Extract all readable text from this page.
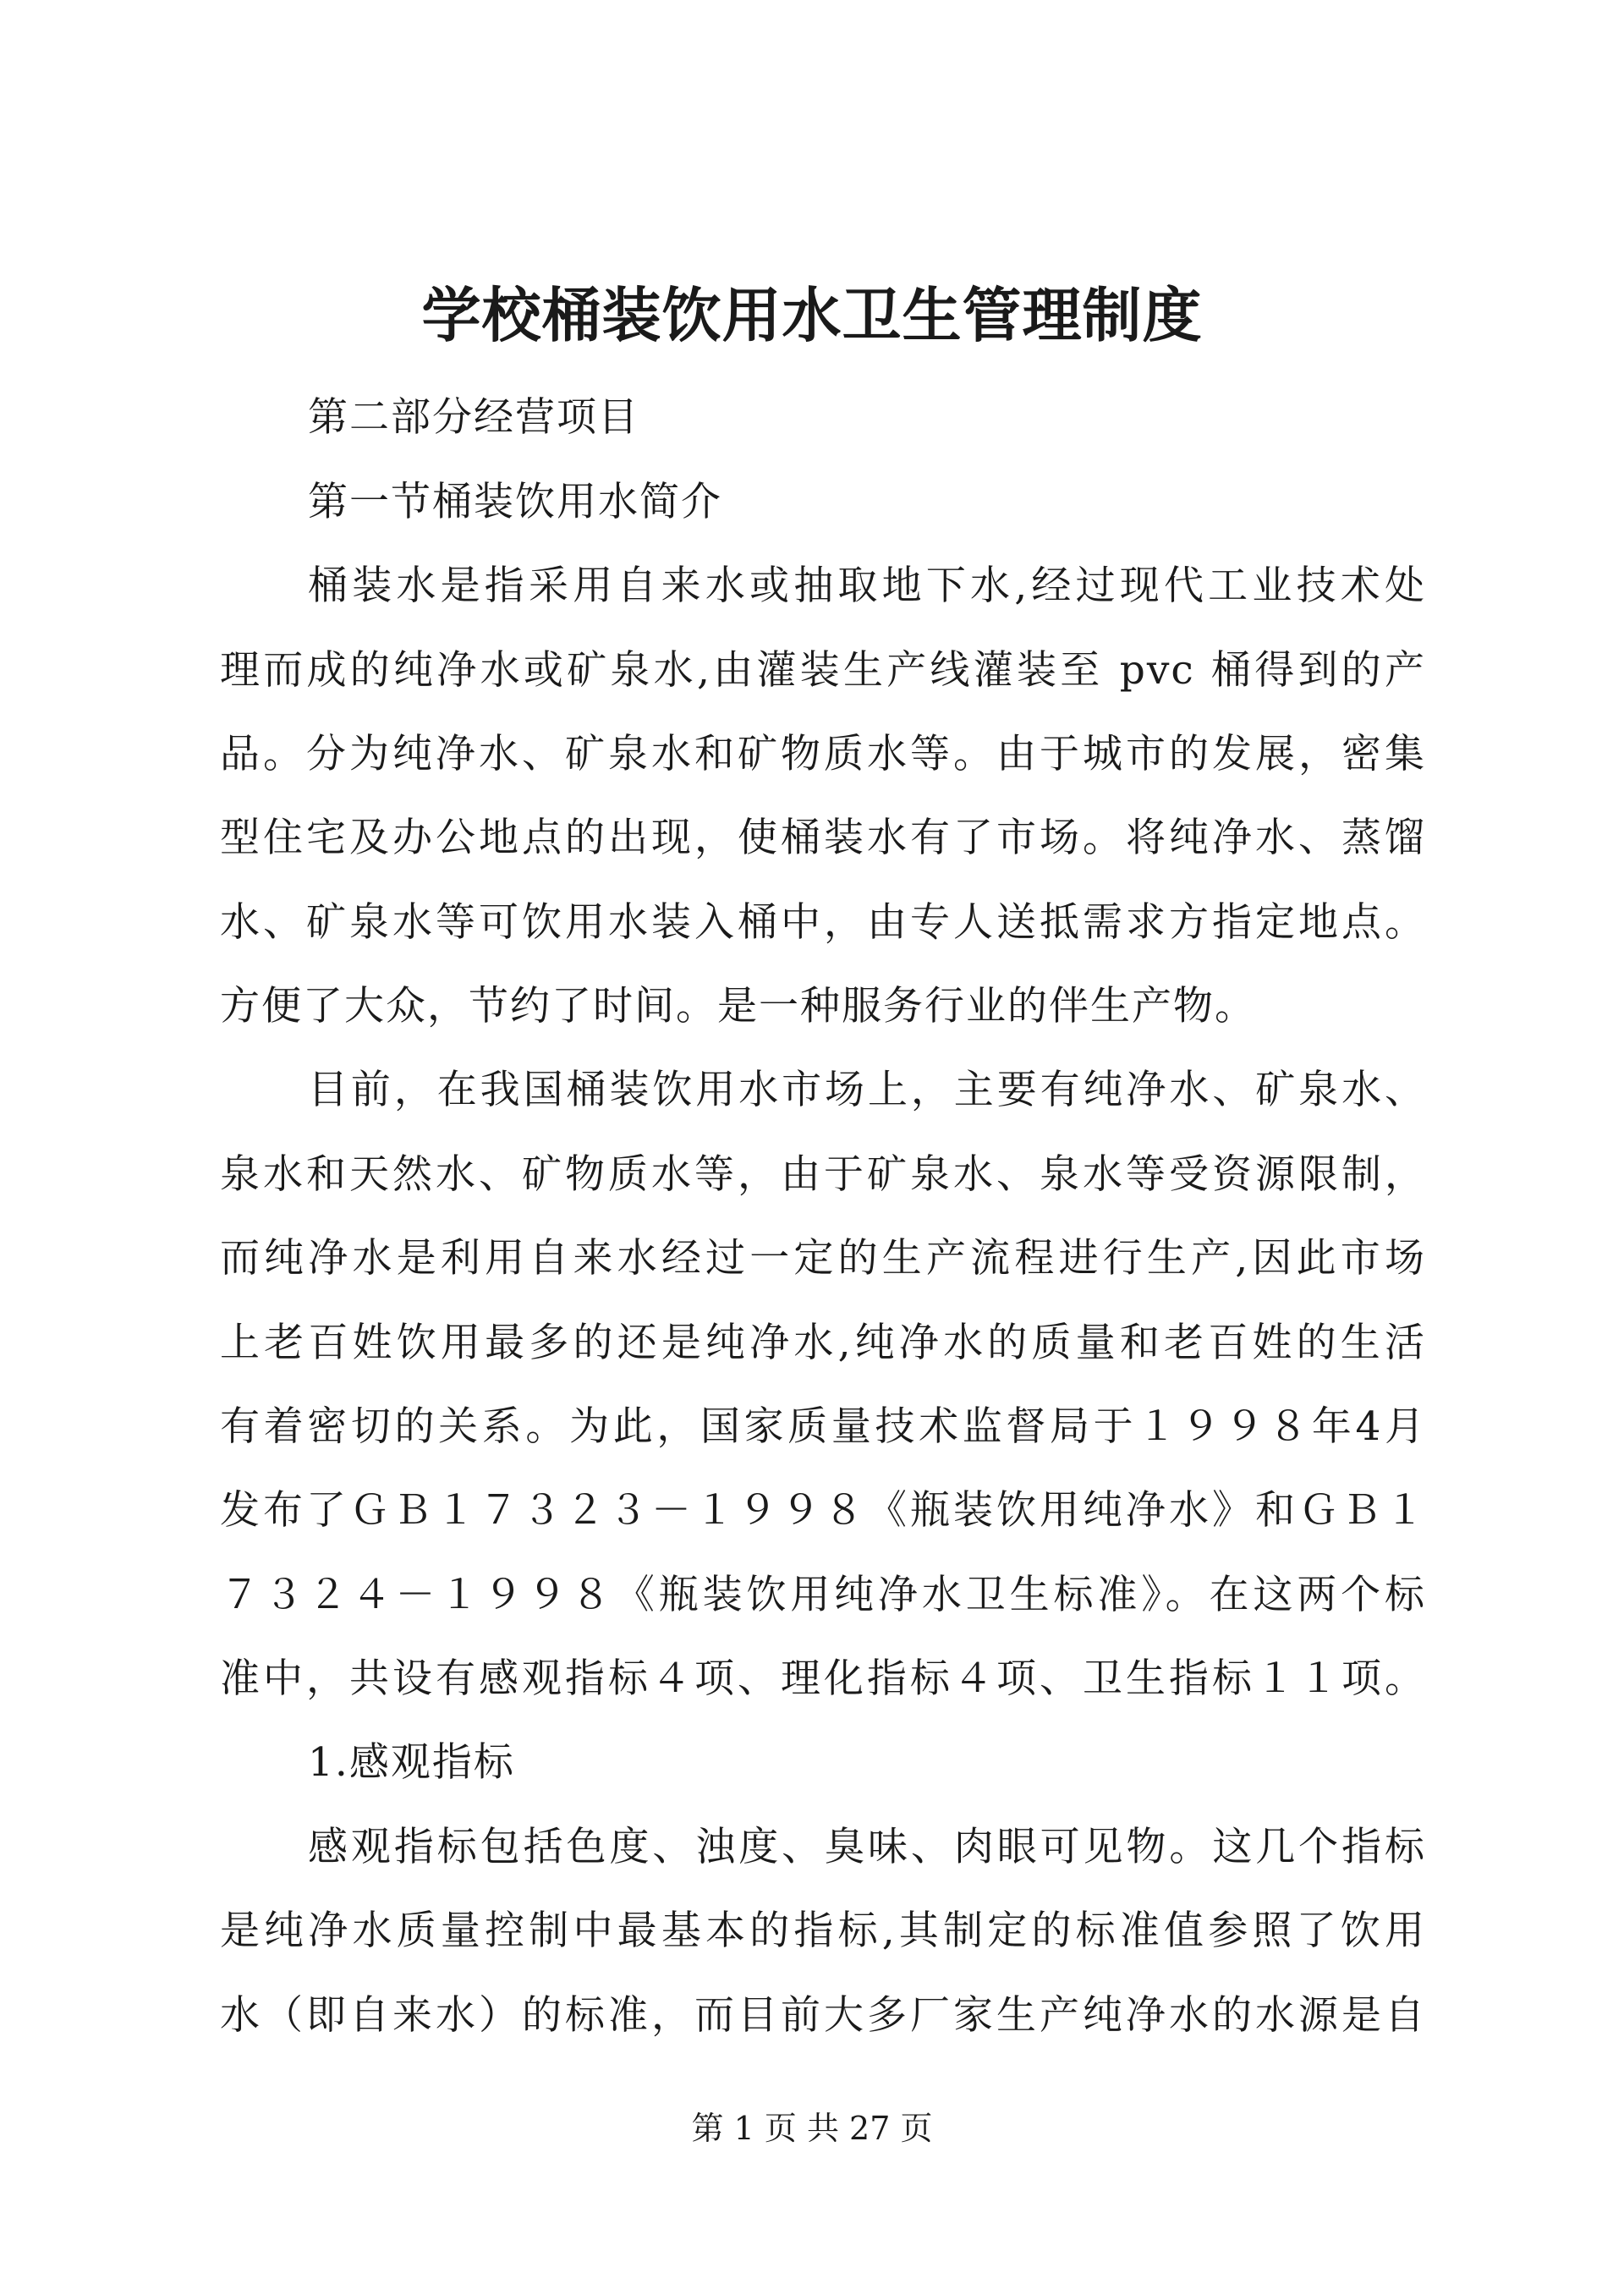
学校桶装饮用水卫生管理制度
第二部分经营项目
第一节桶装饮用水简介
桶装水是指采用自来水或抽取地下水,经过现代工业技术处
理而成的纯净水或矿泉水,由灌装生产线灌装至 pvc 桶得到的产
品。分为纯净水、矿泉水和矿物质水等。由于城市的发展，密集
型住宅及办公地点的出现，使桶装水有了市场。将纯净水、蒸馏
水、矿泉水等可饮用水装入桶中，由专人送抵需求方指定地点。
方便了大众，节约了时间。是一种服务行业的伴生产物。
目前，在我国桶装饮用水市场上，主要有纯净水、矿泉水、
泉水和天然水、矿物质水等，由于矿泉水、泉水等受资源限制，
而纯净水是利用自来水经过一定的生产流程进行生产,因此市场
上老百姓饮用最多的还是纯净水,纯净水的质量和老百姓的生活
有着密切的关系。为此，国家质量技术监督局于１９９８年4月
发布了ＧＢ１７３２３－１９９８《瓶装饮用纯净水》和ＧＢ１
７３２４－１９９８《瓶装饮用纯净水卫生标准》。在这两个标
准中，共设有感观指标４项、理化指标４项、卫生指标１１项。
1.感观指标
感观指标包括色度、浊度、臭味、肉眼可见物。这几个指标
是纯净水质量控制中最基本的指标,其制定的标准值参照了饮用
水（即自来水）的标准，而目前大多厂家生产纯净水的水源是自
第 1 页 共 27 页
